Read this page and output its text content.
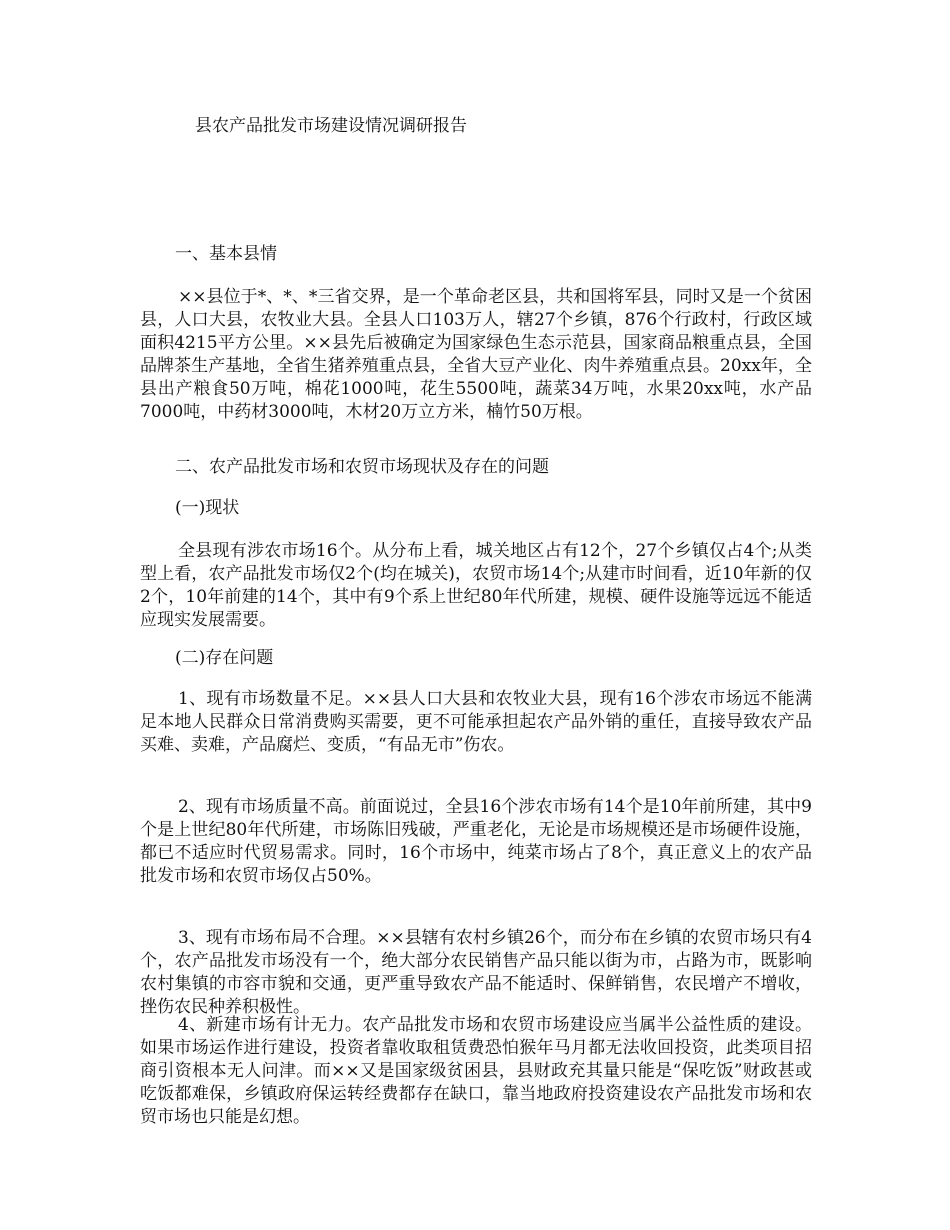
县农产品批发市场建设情况调研报告
一、基本县情

××县位于*、*、*三省交界，是一个革命老区县，共和国将军县，同时又是一个贫困县，人口大县，农牧业大县。全县人口103万人，辖27个乡镇，876个行政村，行政区域面积4215平方公里。××县先后被确定为国家绿色生态示范县，国家商品粮重点县，全国品牌茶生产基地，全省生猪养殖重点县，全省大豆产业化、肉牛养殖重点县。20xx年，全县出产粮食50万吨，棉花1000吨，花生5500吨，蔬菜34万吨，水果20xx吨，水产品7000吨，中药材3000吨，木材20万立方米，楠竹50万根。

二、农产品批发市场和农贸市场现状及存在的问题
(一)现状

全县现有涉农市场16个。从分布上看，城关地区占有12个，27个乡镇仅占4个;从类型上看，农产品批发市场仅2个(均在城关)，农贸市场14个;从建市时间看，近10年新的仅2个，10年前建的14个，其中有9个系上世纪80年代所建，规模、硬件设施等远远不能适应现实发展需要。

(二)存在问题

1、现有市场数量不足。××县人口大县和农牧业大县，现有16个涉农市场远不能满足本地人民群众日常消费购买需要，更不可能承担起农产品外销的重任，直接导致农产品买难、卖难，产品腐烂、变质，“有品无市”伤农。

2、现有市场质量不高。前面说过，全县16个涉农市场有14个是10年前所建，其中9个是上世纪80年代所建，市场陈旧残破，严重老化，无论是市场规模还是市场硬件设施，都已不适应时代贸易需求。同时，16个市场中，纯菜市场占了8个，真正意义上的农产品批发市场和农贸市场仅占50%。

3、现有市场布局不合理。××县辖有农村乡镇26个，而分布在乡镇的农贸市场只有4个，农产品批发市场没有一个，绝大部分农民销售产品只能以街为市，占路为市，既影响农村集镇的市容市貌和交通，更严重导致农产品不能适时、保鲜销售，农民增产不增收，挫伤农民种养积极性。

4、新建市场有计无力。农产品批发市场和农贸市场建设应当属半公益性质的建设。如果市场运作进行建设，投资者靠收取租赁费恐怕猴年马月都无法收回投资，此类项目招商引资根本无人问津。而××又是国家级贫困县，县财政充其量只能是“保吃饭”财政甚或吃饭都难保，乡镇政府保运转经费都存在缺口，靠当地政府投资建设农产品批发市场和农贸市场也只能是幻想。
